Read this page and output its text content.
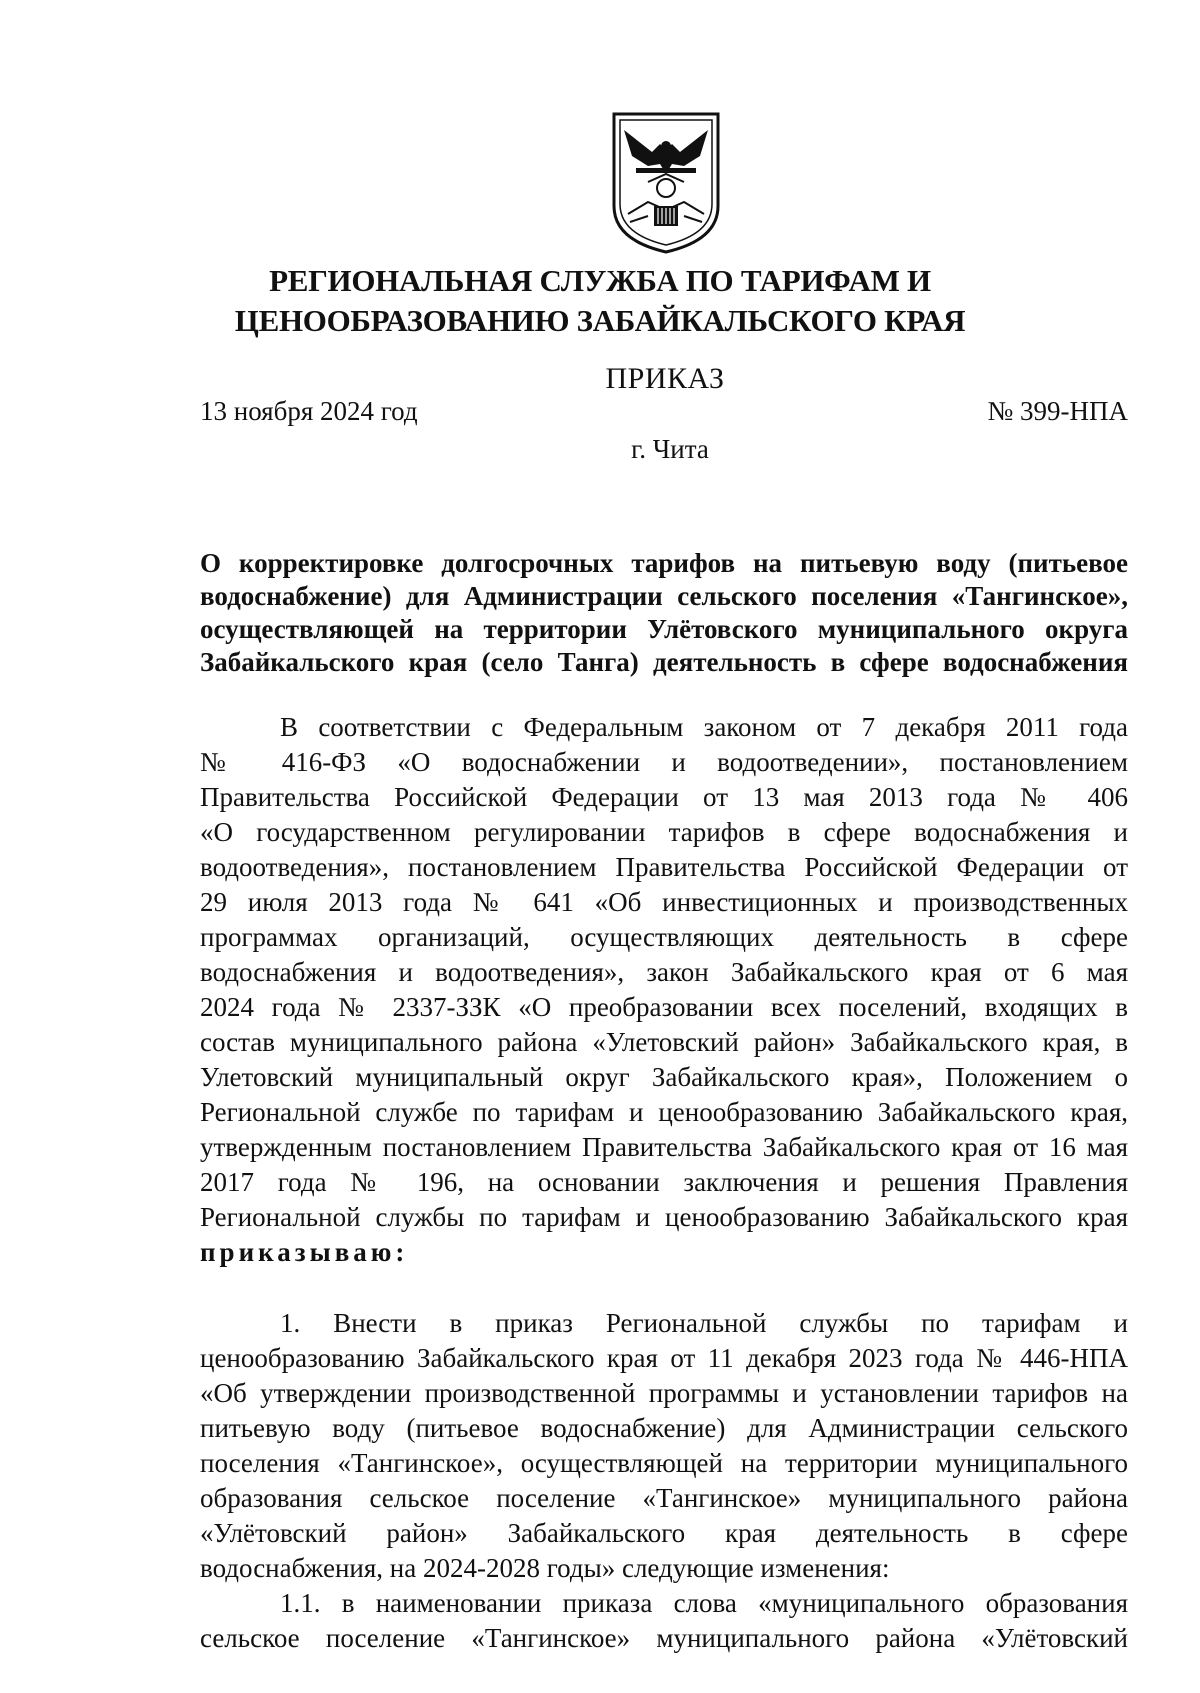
РЕГИОНАЛЬНАЯ СЛУЖБА ПО ТАРИФАМ И
ЦЕНООБРАЗОВАНИЮ ЗАБАЙКАЛЬСКОГО КРАЯ
ПРИКАЗ
13 ноября 2024 год	№ 399-НПА
г. Чита
О корректировке долгосрочных тарифов на питьевую воду (питьевое
водоснабжение) для Администрации сельского поселения «Тангинское»,
осуществляющей на территории Улётовского муниципального округа
Забайкальского края (село Танга) деятельность в сфере водоснабжения
В соответствии с Федеральным законом от 7 декабря 2011 года
№ 416-ФЗ «О водоснабжении и водоотведении», постановлением
Правительства Российской Федерации от 13 мая 2013 года № 406
«О государственном регулировании тарифов в сфере водоснабжения и
водоотведения», постановлением Правительства Российской Федерации от
29 июля 2013 года № 641 «Об инвестиционных и производственных
программах организаций, осуществляющих деятельность в сфере
водоснабжения и водоотведения», закон Забайкальского края от 6 мая
2024 года № 2337-ЗЗК «О преобразовании всех поселений, входящих в
состав муниципального района «Улетовский район» Забайкальского края, в
Улетовский муниципальный округ Забайкальского края», Положением о
Региональной службе по тарифам и ценообразованию Забайкальского края,
утвержденным постановлением Правительства Забайкальского края от 16 мая
2017 года № 196, на основании заключения и решения Правления
Региональной службы по тарифам и ценообразованию Забайкальского края
приказываю:
1. Внести в приказ Региональной службы по тарифам и
ценообразованию Забайкальского края от 11 декабря 2023 года № 446-НПА
«Об утверждении производственной программы и установлении тарифов на
питьевую воду (питьевое водоснабжение) для Администрации сельского
поселения «Тангинское», осуществляющей на территории муниципального
образования сельское поселение «Тангинское» муниципального района
«Улётовский район» Забайкальского края деятельность в сфере
водоснабжения, на 2024-2028 годы» следующие изменения:
1.1. в наименовании приказа слова «муниципального образования
сельское поселение «Тангинское» муниципального района «Улётовский
